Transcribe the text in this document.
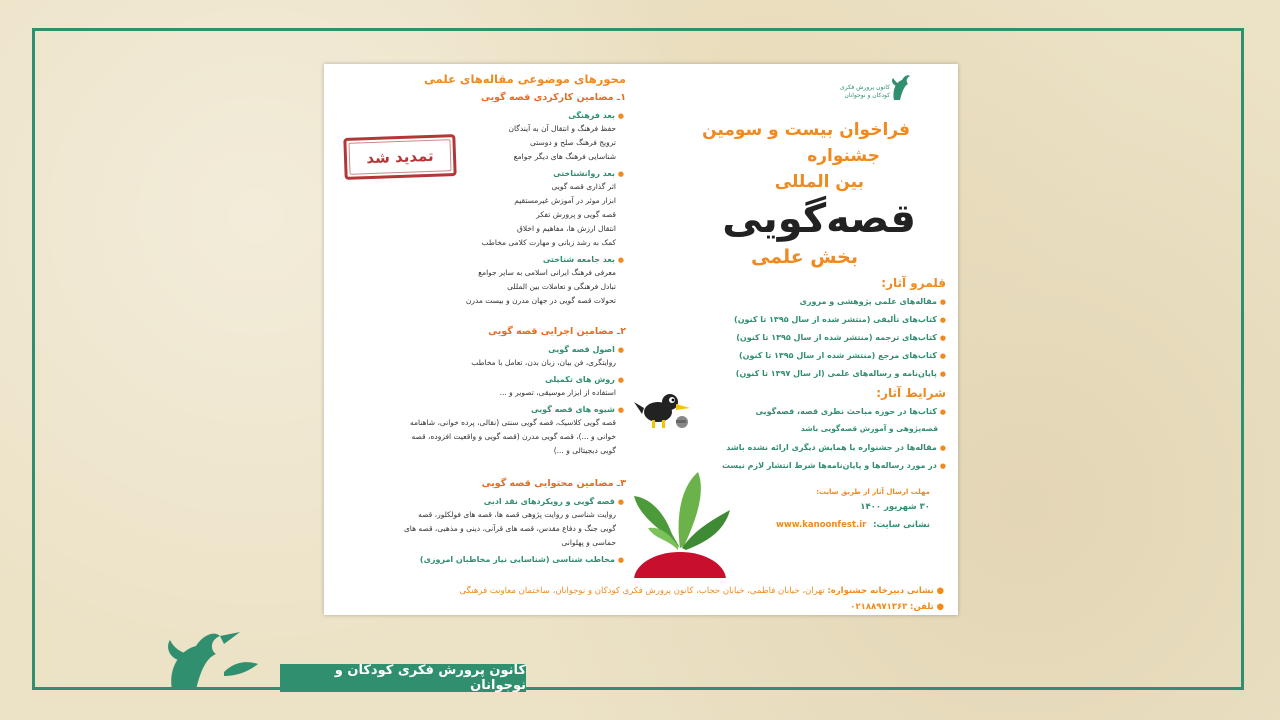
کانون پرورش فکری کودکان و نوجوانان
فراخوان بیست و سومین
جشنواره
بین المللی
قصه‌گویی
بخش علمی
قلمرو آثار:
● مقاله‌های علمی پژوهشی و مروری
● کتاب‌های تألیفی (منتشر شده از سال ۱۳۹۵ تا کنون)
● کتاب‌های ترجمه (منتشر شده از سال ۱۳۹۵ تا کنون)
● کتاب‌های مرجع (منتشر شده از سال ۱۳۹۵ تا کنون)
● پایان‌نامه و رساله‌های علمی (از سال ۱۳۹۷ تا کنون)
شرایط آثار:
● کتاب‌ها در حوزه مباحث نظری قصه، قصه‌گویی
قصه‌پژوهی و آموزش قصه‌گویی باشد
● مقاله‌ها در جشنواره یا همایش دیگری ارائه نشده باشد
● در مورد رساله‌ها و پایان‌نامه‌ها شرط انتشار لازم نیست
مهلت ارسال آثار از طریق سایت:
۳۰ شهریور ۱۴۰۰
نشانی سایت: www.kanoonfest.ir
تمدید شد
محورهای موضوعی مقاله‌های علمی
۱ـ مضامین کارکردی قصه گویی
● بعد فرهنگی
حفظ فرهنگ و انتقال آن به آیندگان
ترویج فرهنگ صلح و دوستی
شناسایی فرهنگ های دیگر جوامع
● بعد روانشناختی
اثر گذاری قصه گویی
ابزار موثر در آموزش غیرمستقیم
قصه گویی و پرورش تفکر
انتقال ارزش ها، مفاهیم و اخلاق
کمک به رشد زبانی و مهارت کلامی مخاطب
● بعد جامعه شناختی
معرفی فرهنگ ایرانی اسلامی به سایر جوامع
تبادل فرهنگی و تعاملات بین المللی
تحولات قصه گویی در جهان مدرن و بیست مدرن
۲ـ مضامین اجرایی قصه گویی
● اصول قصه گویی
روایتگری، فن بیان، زبان بدن، تعامل با مخاطب
● روش های تکمیلی
استفاده از ابزار موسیقی، تصویر و ...
● شیوه های قصه گویی
قصه گویی کلاسیک، قصه گویی سنتی (نقالی، پرده خوانی، شاهنامه
خوانی و ...)، قصه گویی مدرن (قصه گویی و واقعیت افزوده، قصه
گویی دیجیتالی و ...)
۳ـ مضامین محتوایی قصه گویی
● قصه گویی و رویکردهای نقد ادبی
روایت شناسی و روایت پژوهی قصه ها، قصه های فولکلور، قصه
گویی جنگ و دفاع مقدس، قصه های قرآنی، دینی و مذهبی، قصه های
حماسی و پهلوانی
● مخاطب شناسی (شناسایی نیاز مخاطبان امروزی)
● نشانی دبیرخانه جشنواره: تهران، خیابان فاطمی، خیابان حجاب، کانون پرورش فکری کودکان و نوجوانان، ساختمان معاونت فرهنگی
● تلفن: ۰۲۱۸۸۹۷۱۳۶۳
کانون پرورش فکری کودکان و نوجوانان
